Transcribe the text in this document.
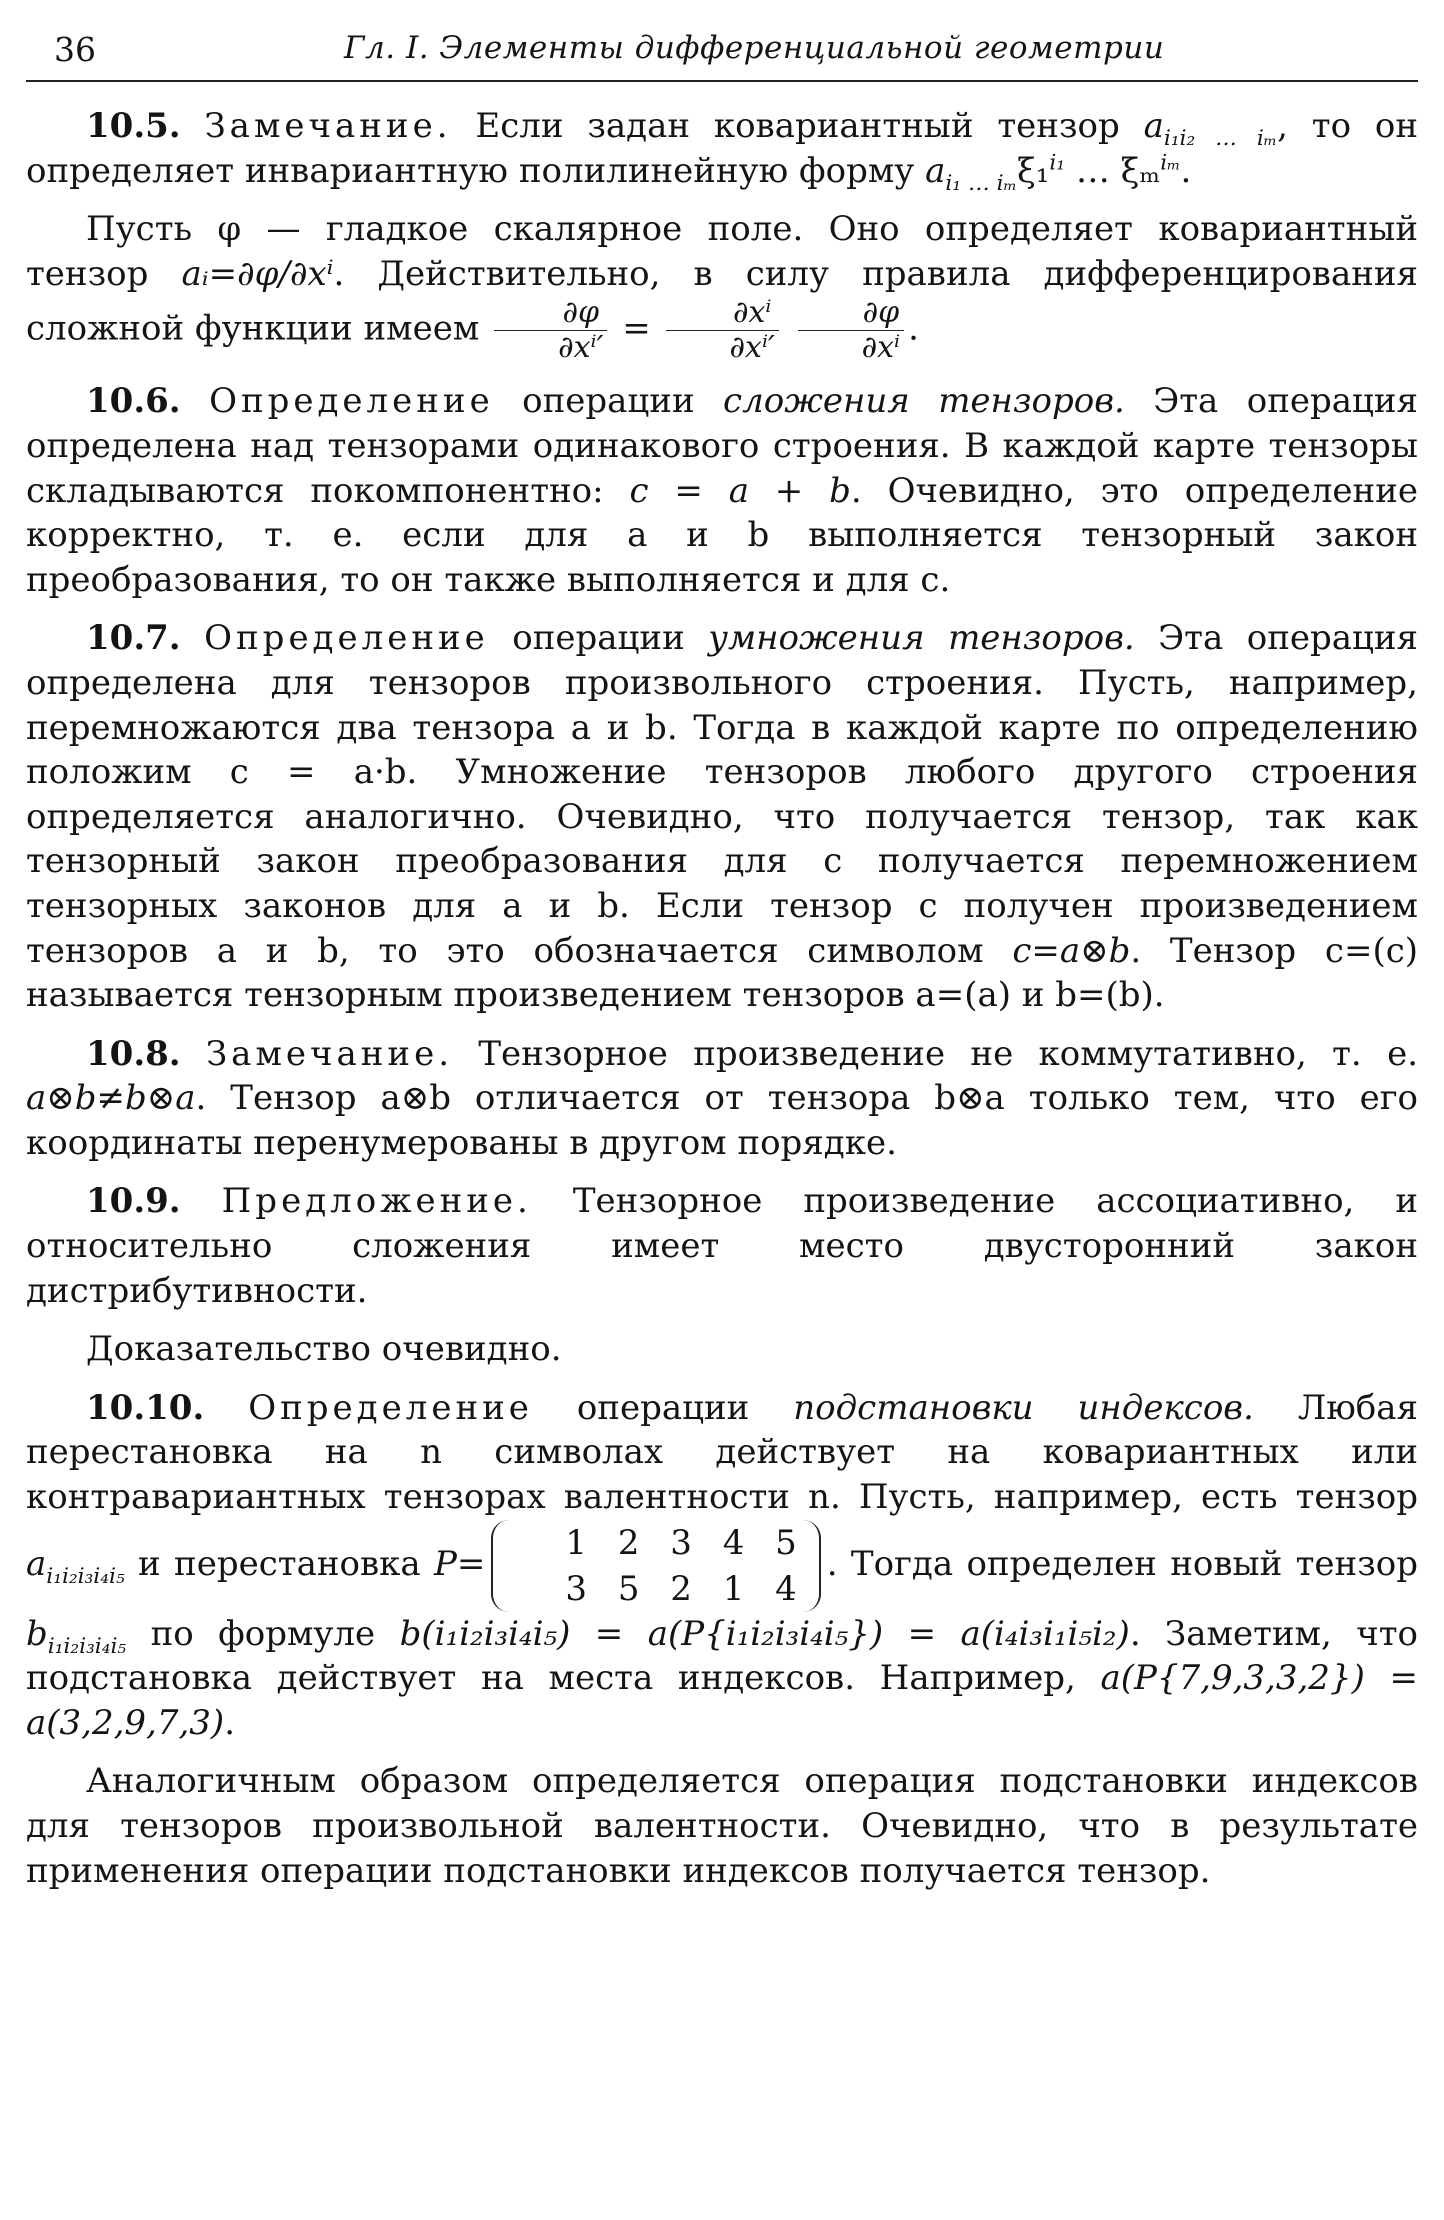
36	Гл. I. Элементы дифференциальной геометрии

10.5. Замечание. Если задан ковариантный тензор $a_{i_1i_2 \dots i_m}$, то он определяет инвариантную полилинейную форму $a_{i_1 \dots i_m}\xi_1^{i_1}$ … ξₘ$^{i_m}$.

Пусть φ — гладкое скалярное поле. Оно определяет ковариантный тензор aᵢ=∂φ/∂xⁱ. Действительно, в силу правила дифференцирования сложной функции имеем $\frac{\partial\varphi}{\text{∂xⁱ′}} = \frac{\text{∂xⁱ}}{\text{∂xⁱ′}}$
$\frac{\partial\varphi}{\text{∂xⁱ}}$ .

10.6. Определение операции сложения тензоров. Эта операция определена над тензорами одинакового строения. В каждой карте тензоры складываются покомпонентно: c = a + b. Очевидно, это определение корректно, т. е. если для a и b выполняется тензорный закон преобразования, то он также выполняется и для c.

10.7. Определение операции умножения тензоров. Эта операция определена для тензоров произвольного строения. Пусть, например, перемножаются два тензора a и b. Тогда в каждой карте по определению положим c = a·b. Умножение тензоров любого другого строения определяется аналогично. Очевидно, что получается тензор, так как тензорный закон преобразования для c получается перемножением тензорных законов для a и b. Если тензор c получен произведением тензоров a и b, то это обозначается символом c=a⊗b. Тензор c=(c) называется тензорным произведением тензоров a=(a) и b=(b).

10.8. Замечание. Тензорное произведение не коммутативно, т. е. a⊗b≠b⊗a. Тензор a⊗b отличается от тензора b⊗a только тем, что его координаты перенумерованы в другом порядке.

10.9. Предложение. Тензорное произведение ассоциативно, и относительно сложения имеет место двусторонний закон дистрибутивности.

Доказательство очевидно.

10.10. Определение операции подстановки индексов. Любая перестановка на n символах действует на ковариантных или контравариантных тензорах валентности n. Пусть, например, есть тензор $a_{i_1i_2i_3i_4i_5}$ и перестановка P=
1 2 3 4 5
3 5 2 1 4
. Тогда определен новый тензор $b_{i_1i_2i_3i_4i_5}$ по формуле b(i₁i₂i₃i₄i₅) = a(P{i₁i₂i₃i₄i₅}) = a(i₄i₃i₁i₅i₂). Заметим, что подстановка действует на места индексов. Например, a(P{7,9,3,3,2}) = a(3,2,9,7,3).

Аналогичным образом определяется операция подстановки индексов для тензоров произвольной валентности. Очевидно, что в результате применения операции подстановки индексов получается тензор.
